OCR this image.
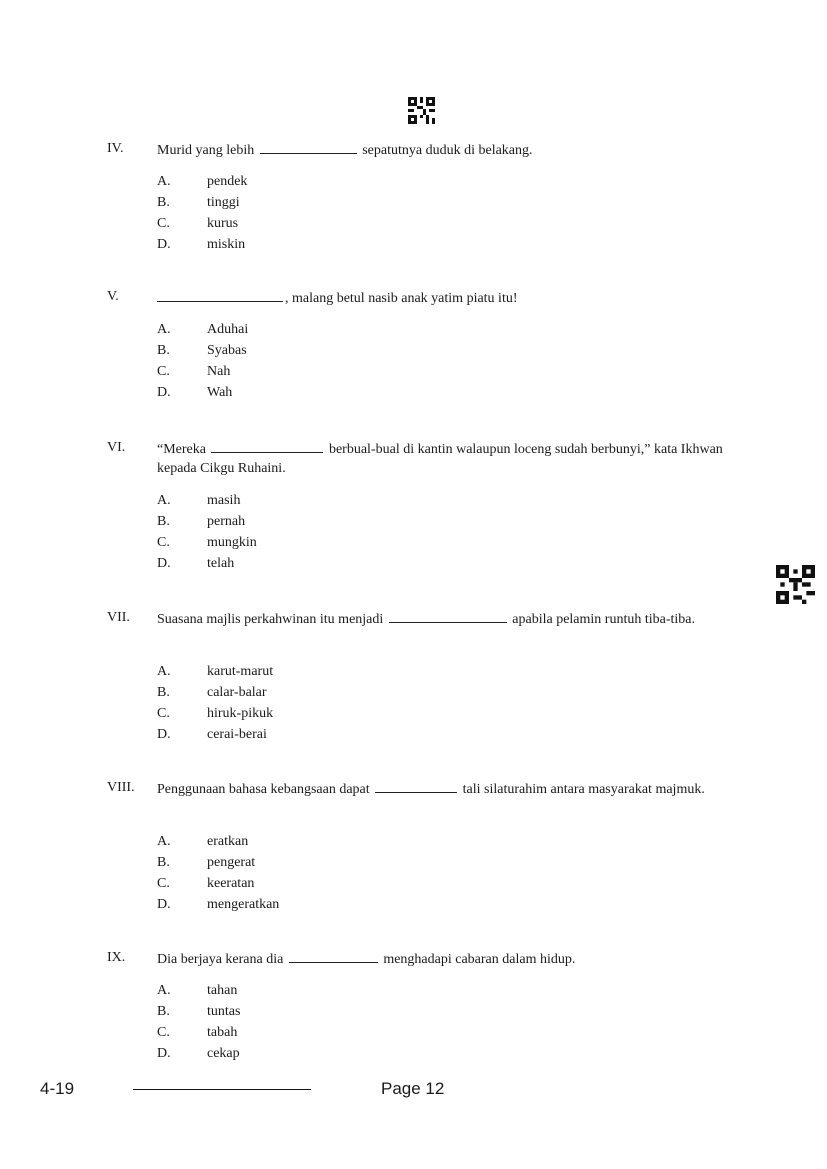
IV. Murid yang lebih	sepatutnya duduk di belakang.
A.	pendek
B.	tinggi
C.	kurus
D.	miskin
V.	, malang betul nasib anak yatim piatu itu!
A.	Aduhai
B.	Syabas
C.	Nah
D.	Wah
VI. “Mereka	berbual-bual di kantin walaupun loceng sudah berbunyi,” kata Ikhwan kepada Cikgu Ruhaini.
A.	masih
B.	pernah
C.	mungkin
D.	telah
VII. Suasana majlis perkahwinan itu menjadi	apabila pelamin runtuh tiba-tiba.
A.	karut-marut
B.	calar-balar
C.	hiruk-pikuk
D.	cerai-berai
VIII. Penggunaan bahasa kebangsaan dapat	tali silaturahim antara masyarakat majmuk.
A.	eratkan
B.	pengerat
C.	keeratan
D.	mengeratkan
IX. Dia berjaya kerana dia	menghadapi cabaran dalam hidup.
A.	tahan
B.	tuntas
C.	tabah
D.	cekap
4-19	Page 12
